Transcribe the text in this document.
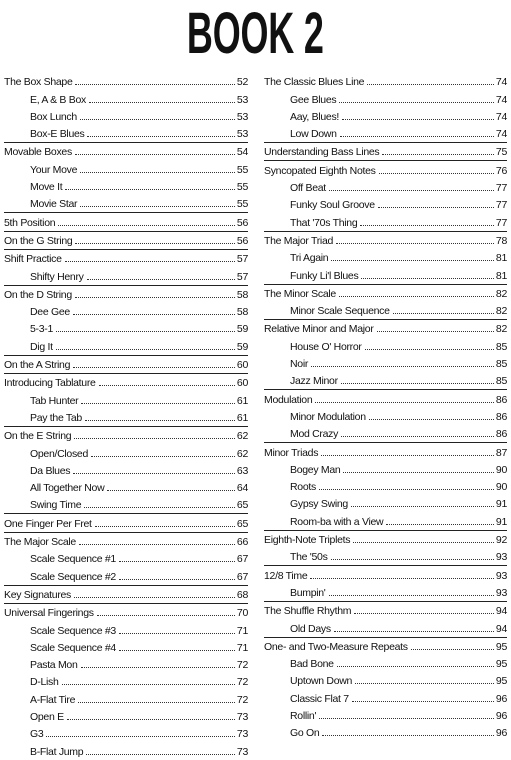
BOOK 2
The Box Shape	52
E, A & B Box	53
Box Lunch	53
Box-E Blues	53
Movable Boxes	54
Your Move	55
Move It	55
Movie Star	55
5th Position	56
On the G String	56
Shift Practice	57
Shifty Henry	57
On the D String	58
Dee Gee	58
5-3-1	59
Dig It	59
On the A String	60
Introducing Tablature	60
Tab Hunter	61
Pay the Tab	61
On the E String	62
Open/Closed	62
Da Blues	63
All Together Now	64
Swing Time	65
One Finger Per Fret	65
The Major Scale	66
Scale Sequence #1	67
Scale Sequence #2	67
Key Signatures	68
Universal Fingerings	70
Scale Sequence #3	71
Scale Sequence #4	71
Pasta Mon	72
D-Lish	72
A-Flat Tire	72
Open E	73
G3	73
B-Flat Jump	73
The Classic Blues Line	74
Gee Blues	74
Aay, Blues!	74
Low Down	74
Understanding Bass Lines	75
Syncopated Eighth Notes	76
Off Beat	77
Funky Soul Groove	77
That '70s Thing	77
The Major Triad	78
Tri Again	81
Funky Li'l Blues	81
The Minor Scale	82
Minor Scale Sequence	82
Relative Minor and Major	82
House O' Horror	85
Noir	85
Jazz Minor	85
Modulation	86
Minor Modulation	86
Mod Crazy	86
Minor Triads	87
Bogey Man	90
Roots	90
Gypsy Swing	91
Room-ba with a View	91
Eighth-Note Triplets	92
The '50s	93
12/8 Time	93
Bumpin'	93
The Shuffle Rhythm	94
Old Days	94
One- and Two-Measure Repeats	95
Bad Bone	95
Uptown Down	95
Classic Flat 7	96
Rollin'	96
Go On	96
